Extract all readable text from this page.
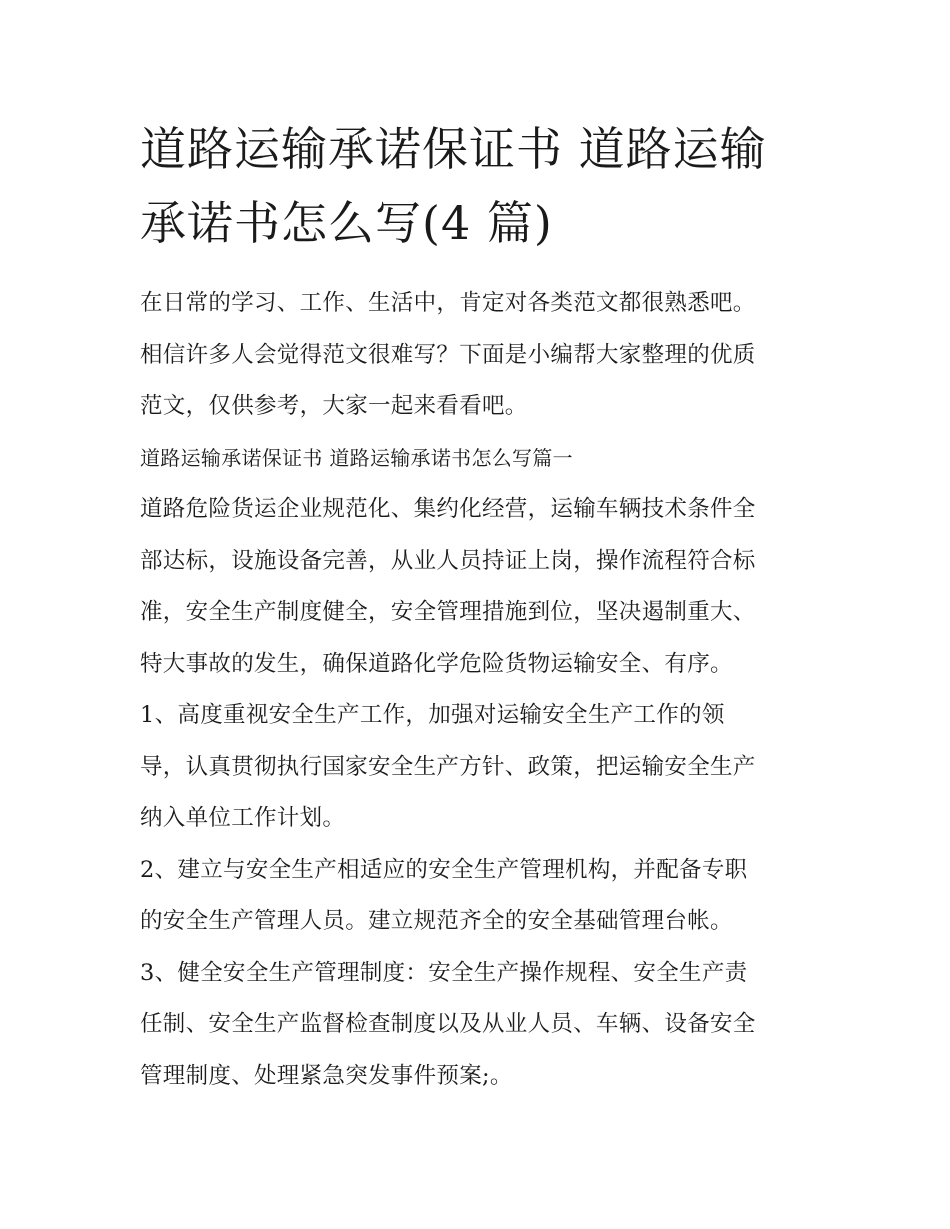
道路运输承诺保证书 道路运输
承诺书怎么写(4 篇)
在日常的学习、工作、生活中，肯定对各类范文都很熟悉吧。
相信许多人会觉得范文很难写？下面是小编帮大家整理的优质
范文，仅供参考，大家一起来看看吧。
道路运输承诺保证书 道路运输承诺书怎么写篇一
道路危险货运企业规范化、集约化经营，运输车辆技术条件全
部达标，设施设备完善，从业人员持证上岗，操作流程符合标
准，安全生产制度健全，安全管理措施到位，坚决遏制重大、
特大事故的发生，确保道路化学危险货物运输安全、有序。
1、高度重视安全生产工作，加强对运输安全生产工作的领
导，认真贯彻执行国家安全生产方针、政策，把运输安全生产
纳入单位工作计划。
2、建立与安全生产相适应的安全生产管理机构，并配备专职
的安全生产管理人员。建立规范齐全的安全基础管理台帐。
3、健全安全生产管理制度：安全生产操作规程、安全生产责
任制、安全生产监督检查制度以及从业人员、车辆、设备安全
管理制度、处理紧急突发事件预案;。
